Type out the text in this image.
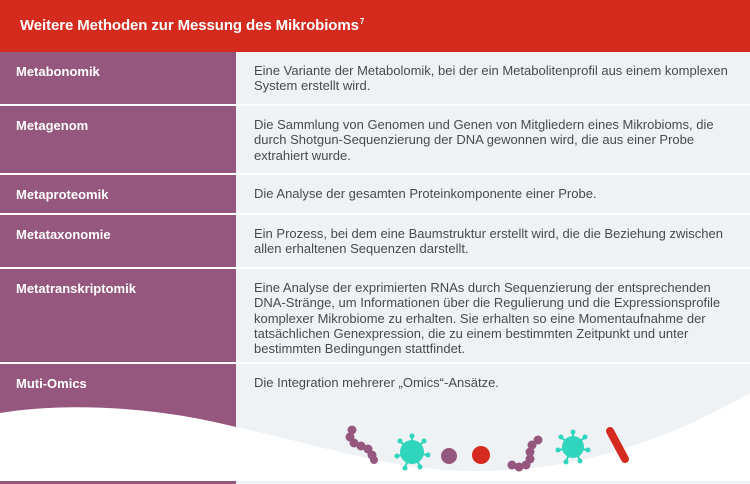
Weitere Methoden zur Messung des Mikrobioms$^7$
Metabonomik	Eine Variante der Metabolomik, bei der ein Metabolitenprofil aus einem komplexen System erstellt wird.
Metagenom	Die Sammlung von Genomen und Genen von Mitgliedern eines Mikrobioms, die durch Shotgun-Sequenzierung der DNA gewonnen wird, die aus einer Probe extrahiert wurde.
Metaproteomik	Die Analyse der gesamten Proteinkomponente einer Probe.
Metataxonomie	Ein Prozess, bei dem eine Baumstruktur erstellt wird, die die Beziehung zwischen allen erhaltenen Sequenzen darstellt.
Metatranskriptomik	Eine Analyse der exprimierten RNAs durch Sequenzierung der entsprechenden DNA-Stränge, um Informationen über die Regulierung und die Expressionsprofile komplexer Mikrobiome zu erhalten. Sie erhalten so eine Momentaufnahme der tatsächlichen Genexpression, die zu einem bestimmten Zeitpunkt und unter bestimmten Bedingungen stattfindet.
Muti-Omics	Die Integration mehrerer „Omics“-Ansätze.
